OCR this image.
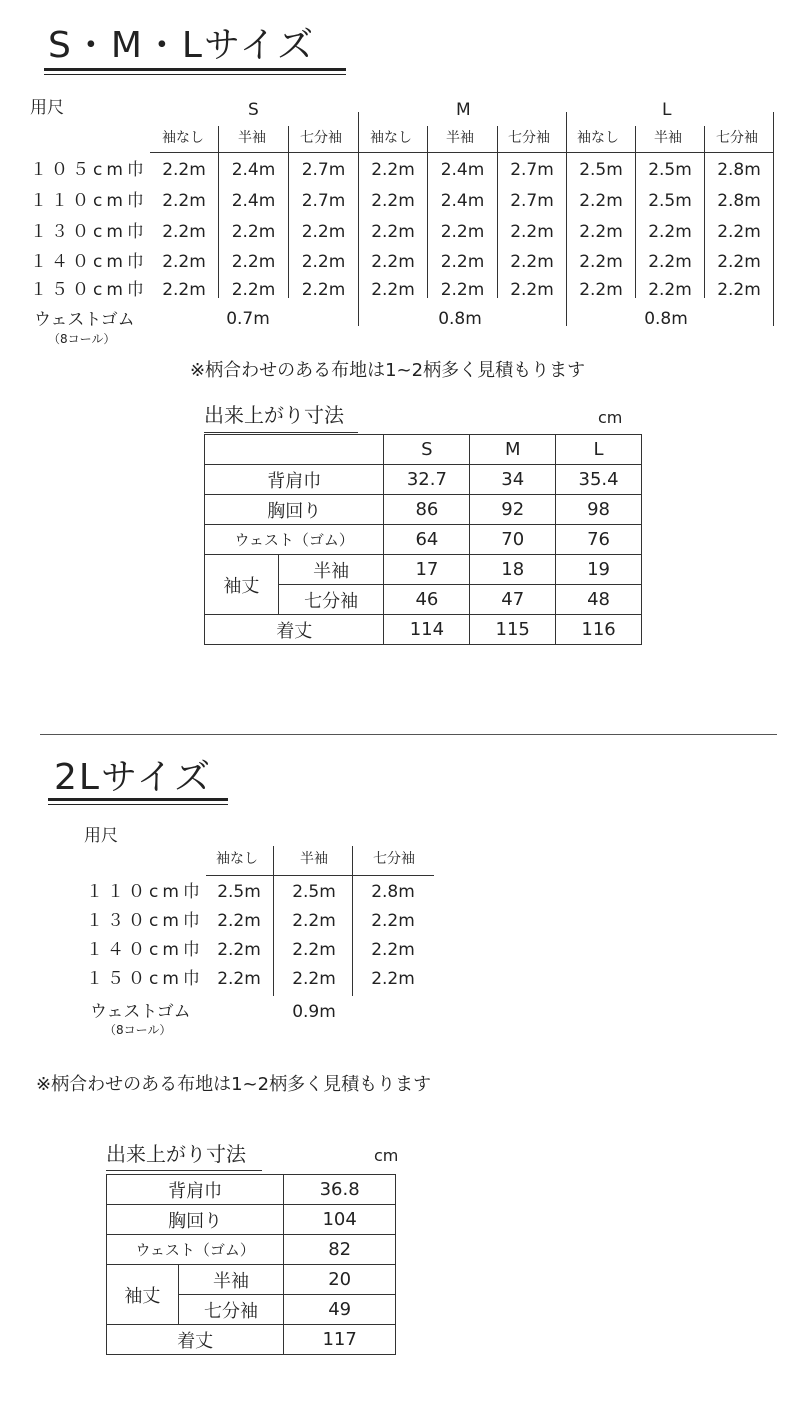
S・M・Lサイズ
用尺	S	M	L
袖なし	半袖	七分袖	袖なし	半袖	七分袖	袖なし	半袖	七分袖
１０５cm巾 2.2m	2.4m	2.7m	2.2m	2.4m	2.7m	2.5m	2.5m	2.8m
１１０cm巾 2.2m	2.4m	2.7m	2.2m	2.4m	2.7m	2.2m	2.5m	2.8m
１３０cm巾 2.2m	2.2m	2.2m	2.2m	2.2m	2.2m	2.2m	2.2m	2.2m
１４０cm巾 2.2m	2.2m	2.2m	2.2m	2.2m	2.2m	2.2m	2.2m	2.2m
１５０cm巾 2.2m	2.2m	2.2m	2.2m	2.2m	2.2m	2.2m	2.2m	2.2m
ウェストゴム
（8コール）
0.7m	0.8m	0.8m
※柄合わせのある布地は1~2柄多く見積もります
出来上がり寸法	cm
		S	M	L
背肩巾		32.7	34	35.4
胸回り		86	92	98
ウェスト（ゴム）		64	70	76
袖丈	半袖	17	18	19
	七分袖	46	47	48
着丈		114	115	116
2Lサイズ
用尺
袖なし	半袖	七分袖
１１０cm巾 2.5m	2.5m	2.8m
１３０cm巾 2.2m	2.2m	2.2m
１４０cm巾 2.2m	2.2m	2.2m
１５０cm巾 2.2m	2.2m	2.2m
ウェストゴム
（8コール）
0.9m
※柄合わせのある布地は1~2柄多く見積もります
出来上がり寸法	cm
背肩巾		36.8
胸回り		104
ウェスト（ゴム）		82
袖丈	半袖	20
	七分袖	49
着丈		117
